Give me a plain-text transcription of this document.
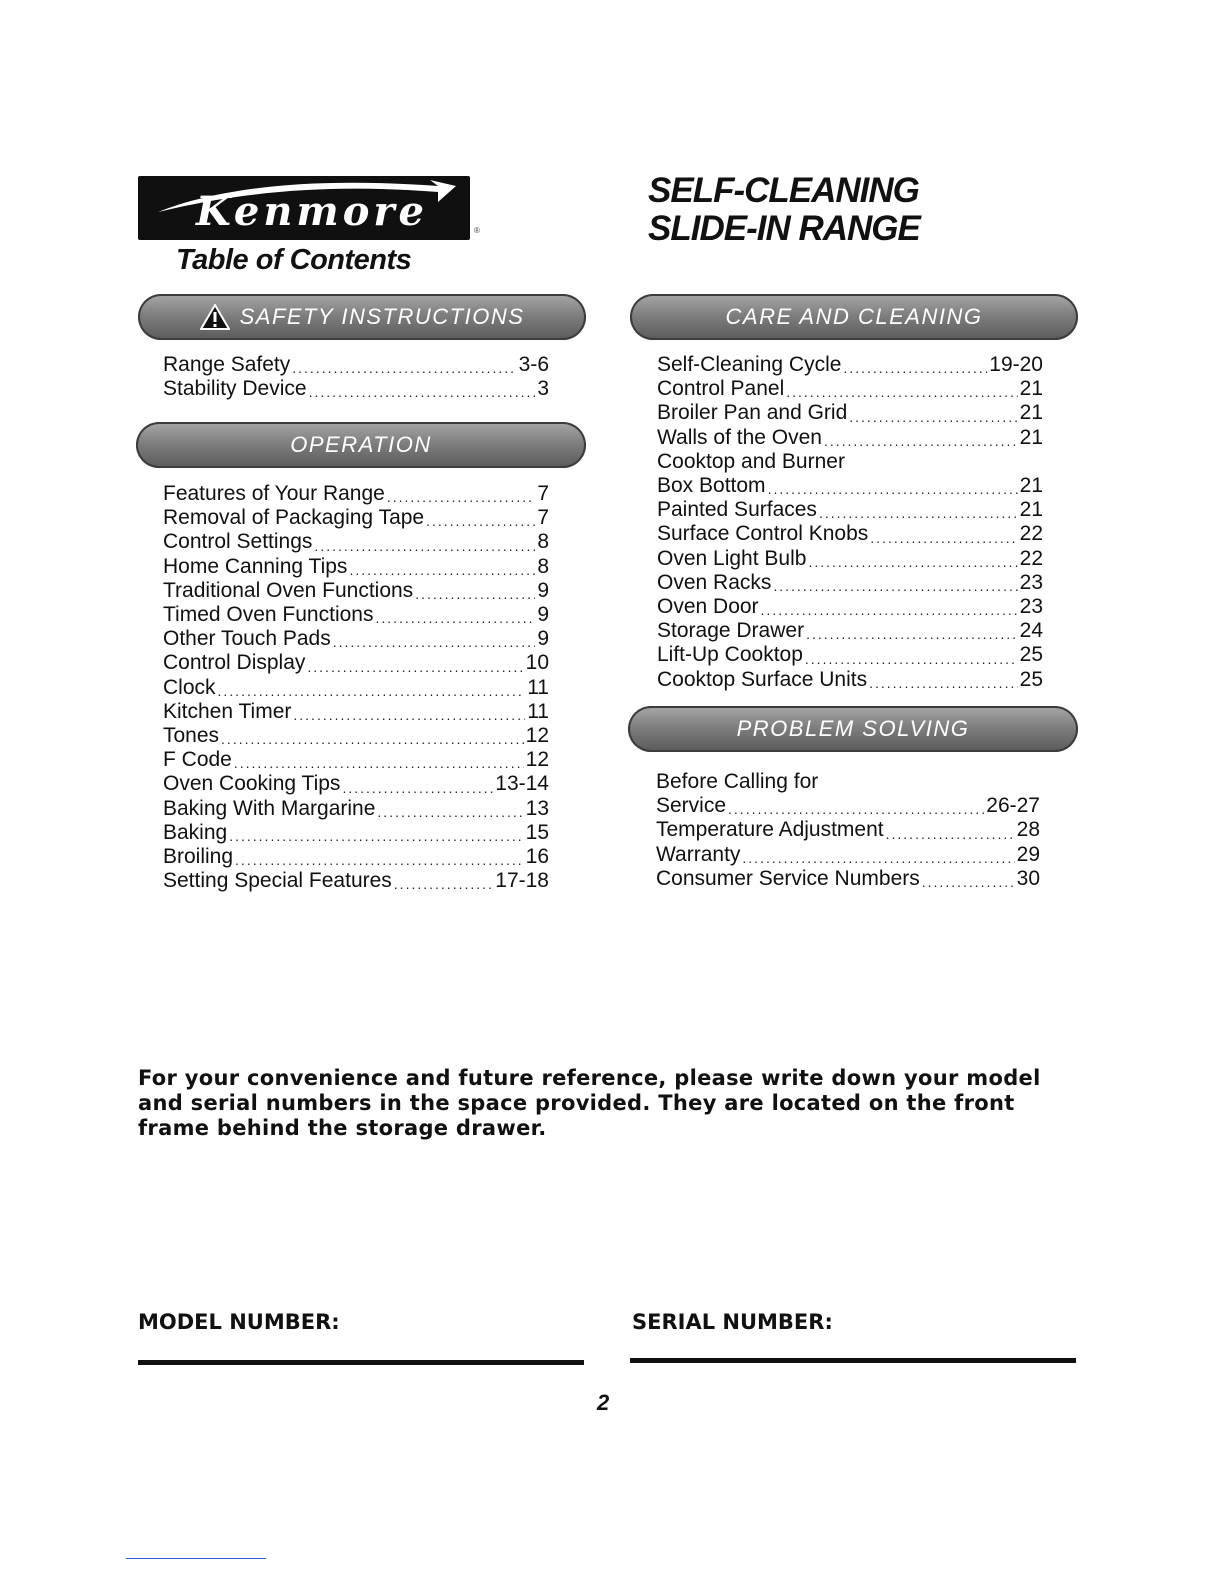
Kenmore	®
Table of Contents
SELF-CLEANING
SLIDE-IN RANGE
SAFETY INSTRUCTIONS
Range Safety .....	3-6
Stability Device .....	3
OPERATION
Features of Your Range .....	7
Removal of Packaging Tape .....	7
Control Settings .....	8
Home Canning Tips .....	8
Traditional Oven Functions .....	9
Timed Oven Functions .....	9
Other Touch Pads .....	9
Control Display .....	10
Clock .....	11
Kitchen Timer .....	11
Tones .....	12
F Code .....	12
Oven Cooking Tips .....	13-14
Baking With Margarine .....	13
Baking .....	15
Broiling .....	16
Setting Special Features .....	17-18
CARE AND CLEANING
Self-Cleaning Cycle .....	19-20
Control Panel .....	21
Broiler Pan and Grid .....	21
Walls of the Oven .....	21
Cooktop and Burner
Box Bottom .....	21
Painted Surfaces .....	21
Surface Control Knobs .....	22
Oven Light Bulb .....	22
Oven Racks .....	23
Oven Door .....	23
Storage Drawer .....	24
Lift-Up Cooktop .....	25
Cooktop Surface Units .....	25
PROBLEM SOLVING
Before Calling for
Service .....	26-27
Temperature Adjustment .....	28
Warranty .....	29
Consumer Service Numbers .....	30
For your convenience and future reference, please write down your model and serial numbers in the space provided. They are located on the front frame behind the storage drawer.
MODEL NUMBER:	SERIAL NUMBER:
2
